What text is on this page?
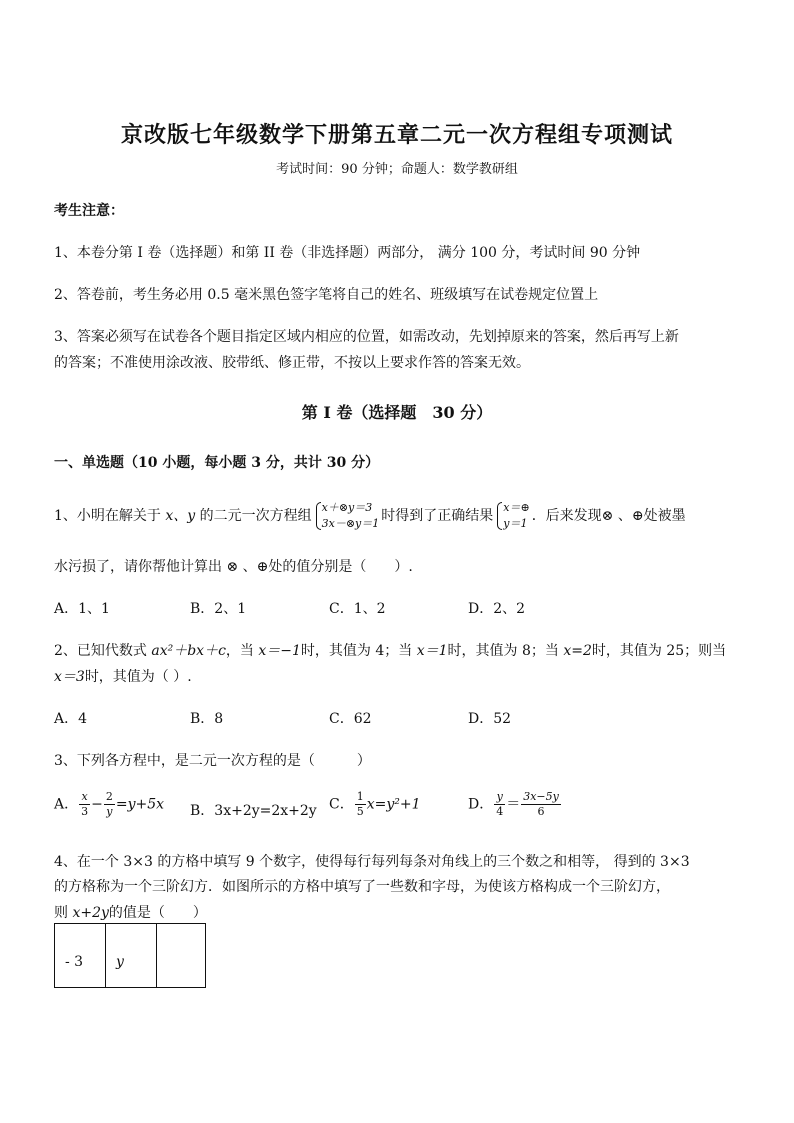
京改版七年级数学下册第五章二元一次方程组专项测试
考试时间：90 分钟；命题人：数学教研组
考生注意：
1、本卷分第 I 卷（选择题）和第 II 卷（非选择题）两部分， 满分 100 分，考试时间 90 分钟
2、答卷前，考生务必用 0.5 毫米黑色签字笔将自己的姓名、班级填写在试卷规定位置上
3、答案必须写在试卷各个题目指定区域内相应的位置，如需改动，先划掉原来的答案，然后再写上新
的答案；不准使用涂改液、胶带纸、修正带，不按以上要求作答的答案无效。
第 I 卷（选择题　30 分）
一、单选题（10 小题，每小题 3 分，共计 30 分）
1、小明在解关于 x、y 的二元一次方程组
x＋⊗y＝3
3x－⊗y＝1 时得到了正确结果
x＝⊕
y＝1 ．后来发现⊗ 、⊕处被墨
水污损了，请你帮他计算出 ⊗ 、⊕处的值分别是（　　）.
A．1、1	B．2、1	C．1、2	D．2、2
2、已知代数式 ax²＋bx＋c，当 x＝−1时，其值为 4；当 x＝1时，其值为 8；当 x=2时，其值为 25；则当
x＝3时，其值为（ ）.
A．4	B．8	C．62	D．52
3、下列各方程中，是二元一次方程的是（　　　）
A． $\frac{x}{3} - \frac{2}{y} =y+5x$ B．3x+2y=2x+2y C． $\frac{1}{5} x=y^2+1$	D． $\frac{y}{4} = \frac{3x-5y}{6}$
4、在一个 3×3 的方格中填写 9 个数字，使得每行每列每条对角线上的三个数之和相等， 得到的 3×3
的方格称为一个三阶幻方．如图所示的方格中填写了一些数和字母，为使该方格构成一个三阶幻方，
则 x+2y的值是（　　）
- 3	y	
